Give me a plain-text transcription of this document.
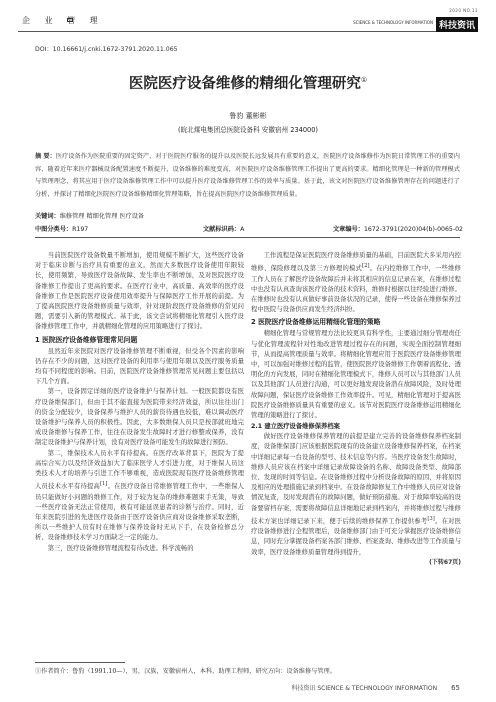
企 业 管 理
2020 NO.11
SCIENCE & TECHNOLOGY INFORMATION 科技资讯
DOI：10.16661/j.cnki.1672-3791.2020.11.065
医院医疗设备维修的精细化管理研究①
鲁豹 董彬彬
(皖北煤电集团总医院设备科 安徽宿州 234000)
摘 要：医疗设备作为医院重要的固定资产，对于医院医疗服务的提升以及医院长远发展具有重要的意义，医院医疗设备维修作为医院日常管理工作的重要内容，随着近年来医疗器械设备配置速度不断提升，设备维修的难度变高，对医院医疗设备维修管理工作提出了更高的要求。精细化管理是一种新的管理模式与管理理念，将其应用于医疗设备维修管理工作中可以提升医疗设备维修管理工作的效率与质量。基于此，该文对医院医疗设备维修管理存在的问题进行了分析，并探讨了精细化医院医疗设备维修精细化管理策略，旨在提高医院医疗设备维修管理质量。
关键词：维修管理 精细化管理 医疗设备
中图分类号：R197	文献标识码：A	文章编号：1672-3791(2020)04(b)-0065-02

当前医院医疗设备数量不断增加，使用规模不断扩大，这些医疗设备对于临床诊断与治疗具有重要的意义。然而大多数医疗设备使用年限较长，使用频繁，导致医疗设备故障、发生率也不断增加，及对医院医疗设备维修工作提出了更高的要求。在医疗行业中，高质量、高效率的医疗设备维修工作是医院医疗设备使用效率提升与保障医疗工作开展的前提。为了提高医院医疗设备维修质量与效率，针对现阶段医疗设备维修的常见问题，需要引入新的管理模式。基于此，该文尝试将精细化管理引入医疗设备维修管理工作中，并就精细化管理的应用策略进行了探讨。

1 医院医疗设备维修管理常见问题

虽然近年来医院对医疗设备维修管理不断重视，但受各个因素的影响仍存在不少的问题，这对医疗设备的利用率与使用年限以及医疗服务质量均有不同程度的影响。目前，医院医疗设备维修管理常见问题主要包括以下几个方面。

第一，设备固定详细的医疗设备维护与保养计划。一般医院都设有医疗设备维保部门，但由于其不能直接为医院带来经济效益，所以往往出门的资金分配较少，设备保养与维护人员的薪资待遇也较低，难以调动医疗设备维护与保养人员的积极性。因此，大多数维保人员只是按部就班地完成设备维修与保养工作，往往在设备发生故障时才进行修整或保养，没有制定设备维护与保养计划，没有对医疗设备可能发生的故障进行预防。

第二，维保技术人员水平有待提高。在医疗改革背景下，医院为了提高综合实力以及经济效益加大了临床医学人才引进力度，对于维保人员这类技术人才的培养与引进工作不够重视，造成医院现有医疗设备维修管理人员技术水平有待提高[1]。在医疗设备日常维修管理工作中，一些维保人员只能做好小问题的维修工作，对于较为复杂的维修难题束手无策，导致一些医疗设备无法正常使用，极有可能延误患者的诊断与治疗。同时，近年来医院引进的先进医疗设备由于医疗设备供应商对设备维修采取垄断，所以一些维护人员有时在维修与保养设备时无从下手，在设备检修总分析、设备维修技术学习方面缺乏一定的能力。

第三，医疗设备维修管理流程有待改进。科学流畅的

工作流程是保证医院医疗设备维修质量的基础，目前医院大多采用内控维修、保险修理以及第三方修理的模式[2]。在内控维修工作中，一些维修工作人员在了解医疗设备故障后并未将其相应的信息记录在案，在维修过程中也没有认真查询该医疗设备的技术资料，维修时根据以往经验进行维修。在维修时也没有认真做好事前设备状况的记录，使得一些设备在维修保养过程中医院与设备供应商发生经济纠纷。

2 医院医疗设备维修运用精细化管理的策略

精细化管理与常规管理方法比较更具有科学性，主要通过细分管理责任与优化管理流程针对性地改进管理过程存在的问题，实现全面控制管理细节，从而提高管理质量与效率。将精细化管理应用于医院医疗设备维修管理中，可以加强对维修过程的监管，使医院医疗设备维修工作朝着流程化、透明化的方向发展，同时在精细化管理模式下，维修人员可以与其他部门人员以及其他部门人员进行沟通，可以更好地发现设备潜在故障风险，及时处理故障问题，保证医疗设备维修工作效率提升。可见，精细化管理对于提高医院医疗设备维修质量具有重要的意义。该节对医院医疗设备维修运用精细化管理的策略进行了探讨。

2.1 建立医疗设备维修保养档案

做好医疗设备维修保养管理的前提是建立完善的设备维修保养档案制度，设备维保部门应该根据医院现有的设备建立设备维修保养档案，在档案中详细记录每一台设备的型号、技术信息等内容。当医疗设备发生故障时，维修人员应该在档案中详细记录故障设备的名称、故障设备类型、故障部位、发现的时间等信息。在设备维修过程中分析设备故障的原因，并将原因及相应的处理措施记录到档案中。在设备故障修复工作中维修人员应对设备情况复查，及时发现潜在的故障问题，做好预防措施。对于故障率较高的设备要留档存案，需要将故障信息详细地记录到档案内，并将维修过程与维修技术方案也详细记录下来，便于后续的维修保养工作提供参考[3]。在对医疗设备维修进行全程管理后，设备维修部门由于可充分掌握医疗设备维修信息，同时充分掌握设备档案各部门维修、档案查询、维修改进等工作质量与效率，医疗设备维修质量管理得到提升，

(下转67页)
①作者简介：鲁豹（1991.10—），男，汉族，安徽宿州人，本科，助理工程师，研究方向：设备维修与管理。
科技资讯 SCIENCE & TECHNOLOGY INFORMATION 65
